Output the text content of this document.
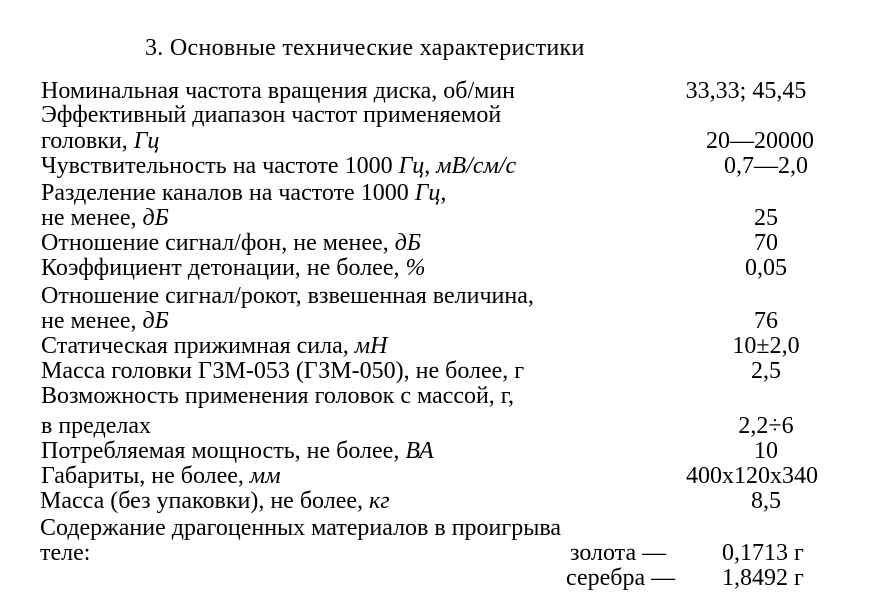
3. Основные технические характеристики
Номинальная частота вращения диска, об/мин	33,33; 45,45
Эффективный диапазон частот применяемой
головки, Гц	20—20000
Чувствительность на частоте 1000 Гц, мВ/см/с	0,7—2,0
Разделение каналов на частоте 1000 Гц,
не менее, дБ	25
Отношение сигнал/фон, не менее, дБ	70
Коэффициент детонации, не более, %	0,05
Отношение сигнал/рокот, взвешенная величина,
не менее, дБ	76
Статическая прижимная сила, мН	10±2,0
Масса головки ГЗМ-053 (ГЗМ-050), не более, г	2,5
Возможность применения головок с массой, г,
в пределах	2,2÷6
Потребляемая мощность, не более, ВА	10
Габариты, не более, мм	400x120x340
Масса (без упаковки), не более, кг	8,5
Содержание драгоценных материалов в проигрыва
теле:	золота — 0,1713 г
серебра — 1,8492 г
